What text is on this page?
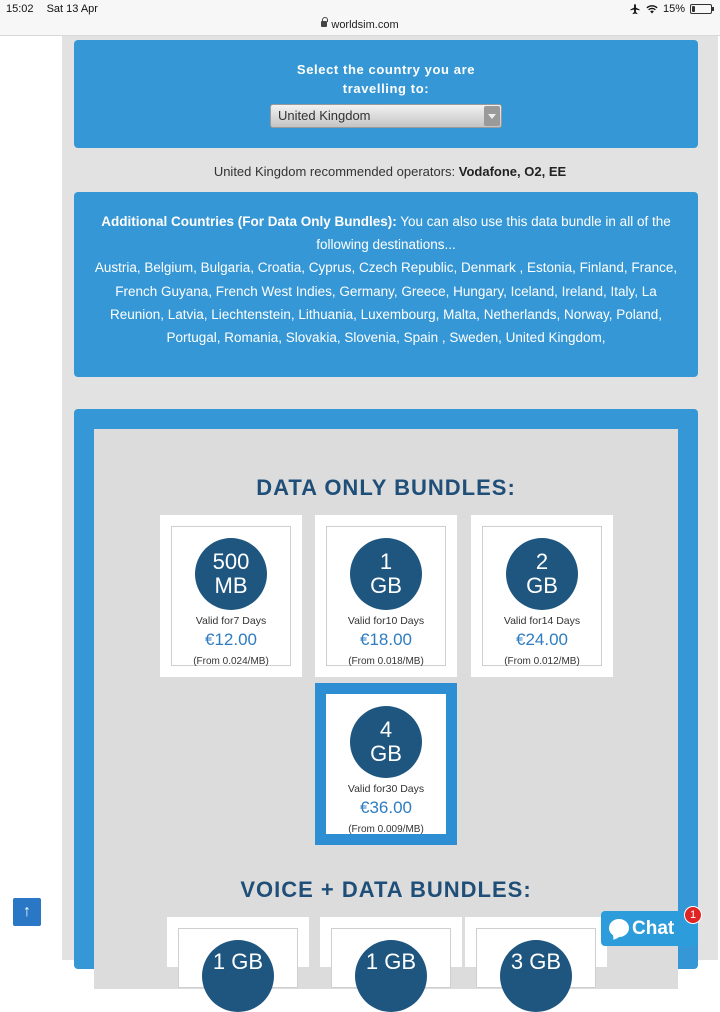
15:02 Sat 13 Apr	15%
worldsim.com
Select the country you are
travelling to:
United Kingdom
United Kingdom recommended operators: Vodafone, O2, EE
Additional Countries (For Data Only Bundles): You can also use this data bundle in all of the following destinations...
Austria, Belgium, Bulgaria, Croatia, Cyprus, Czech Republic, Denmark , Estonia, Finland, France, French Guyana, French West Indies, Germany, Greece, Hungary, Iceland, Ireland, Italy, La Reunion, Latvia, Liechtenstein, Lithuania, Luxembourg, Malta, Netherlands, Norway, Poland, Portugal, Romania, Slovakia, Slovenia, Spain , Sweden, United Kingdom,
DATA ONLY BUNDLES:
500
MB
Valid for7 Days
€12.00
(From 0.024/MB)
1
GB
Valid for10 Days
€18.00
(From 0.018/MB)
2
GB
Valid for14 Days
€24.00
(From 0.012/MB)
4
GB
Valid for30 Days
€36.00
(From 0.009/MB)
VOICE + DATA BUNDLES:
1 GB	1 GB	3 GB
↑
Chat
1
